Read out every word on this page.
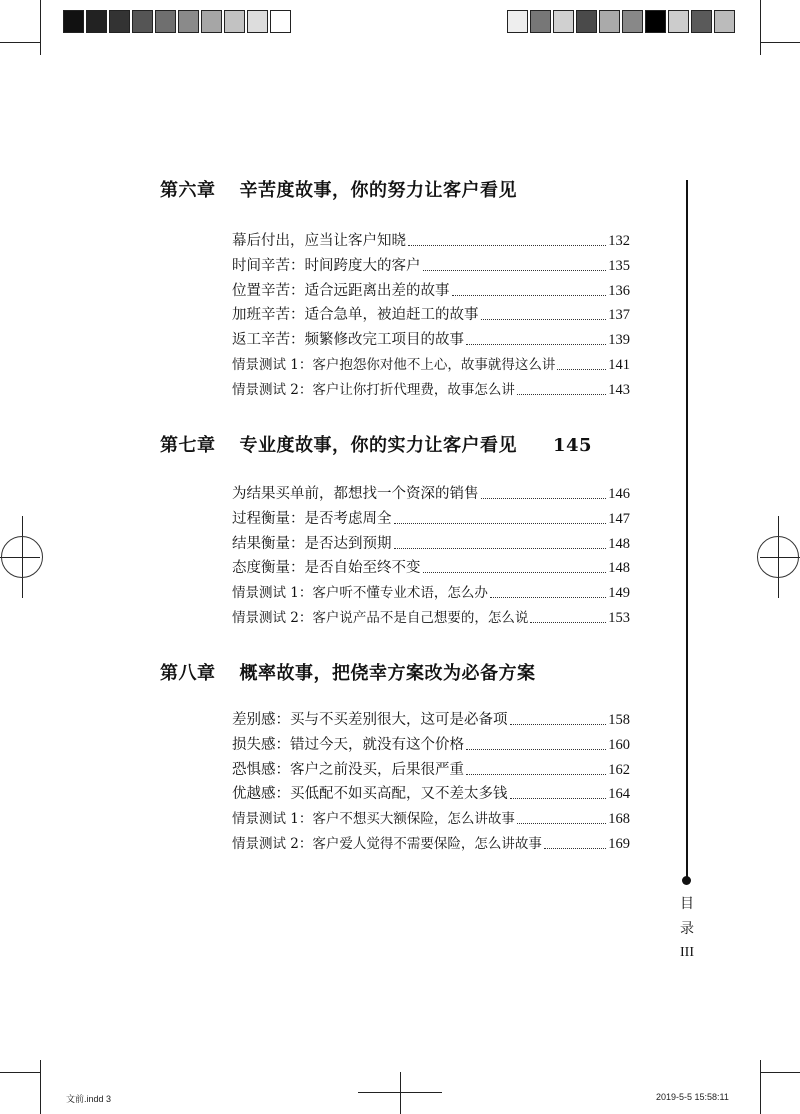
第六章 辛苦度故事，你的努力让客户看见
幕后付出，应当让客户知晓	132
时间辛苦：时间跨度大的客户	135
位置辛苦：适合远距离出差的故事	136
加班辛苦：适合急单，被迫赶工的故事	137
返工辛苦：频繁修改完工项目的故事	139
情景测试 1：客户抱怨你对他不上心，故事就得这么讲	141
情景测试 2：客户让你打折代理费，故事怎么讲	143
第七章 专业度故事，你的实力让客户看见 145
为结果买单前，都想找一个资深的销售	146
过程衡量：是否考虑周全	147
结果衡量：是否达到预期	148
态度衡量：是否自始至终不变	148
情景测试 1：客户听不懂专业术语，怎么办	149
情景测试 2：客户说产品不是自己想要的，怎么说	153
第八章 概率故事，把侥幸方案改为必备方案
差别感：买与不买差别很大，这可是必备项	158
损失感：错过今天，就没有这个价格	160
恐惧感：客户之前没买，后果很严重	162
优越感：买低配不如买高配，又不差太多钱	164
情景测试 1：客户不想买大额保险，怎么讲故事	168
情景测试 2：客户爱人觉得不需要保险，怎么讲故事	169
目
录
III
文前.indd 3	2019-5-5 15:58:11
